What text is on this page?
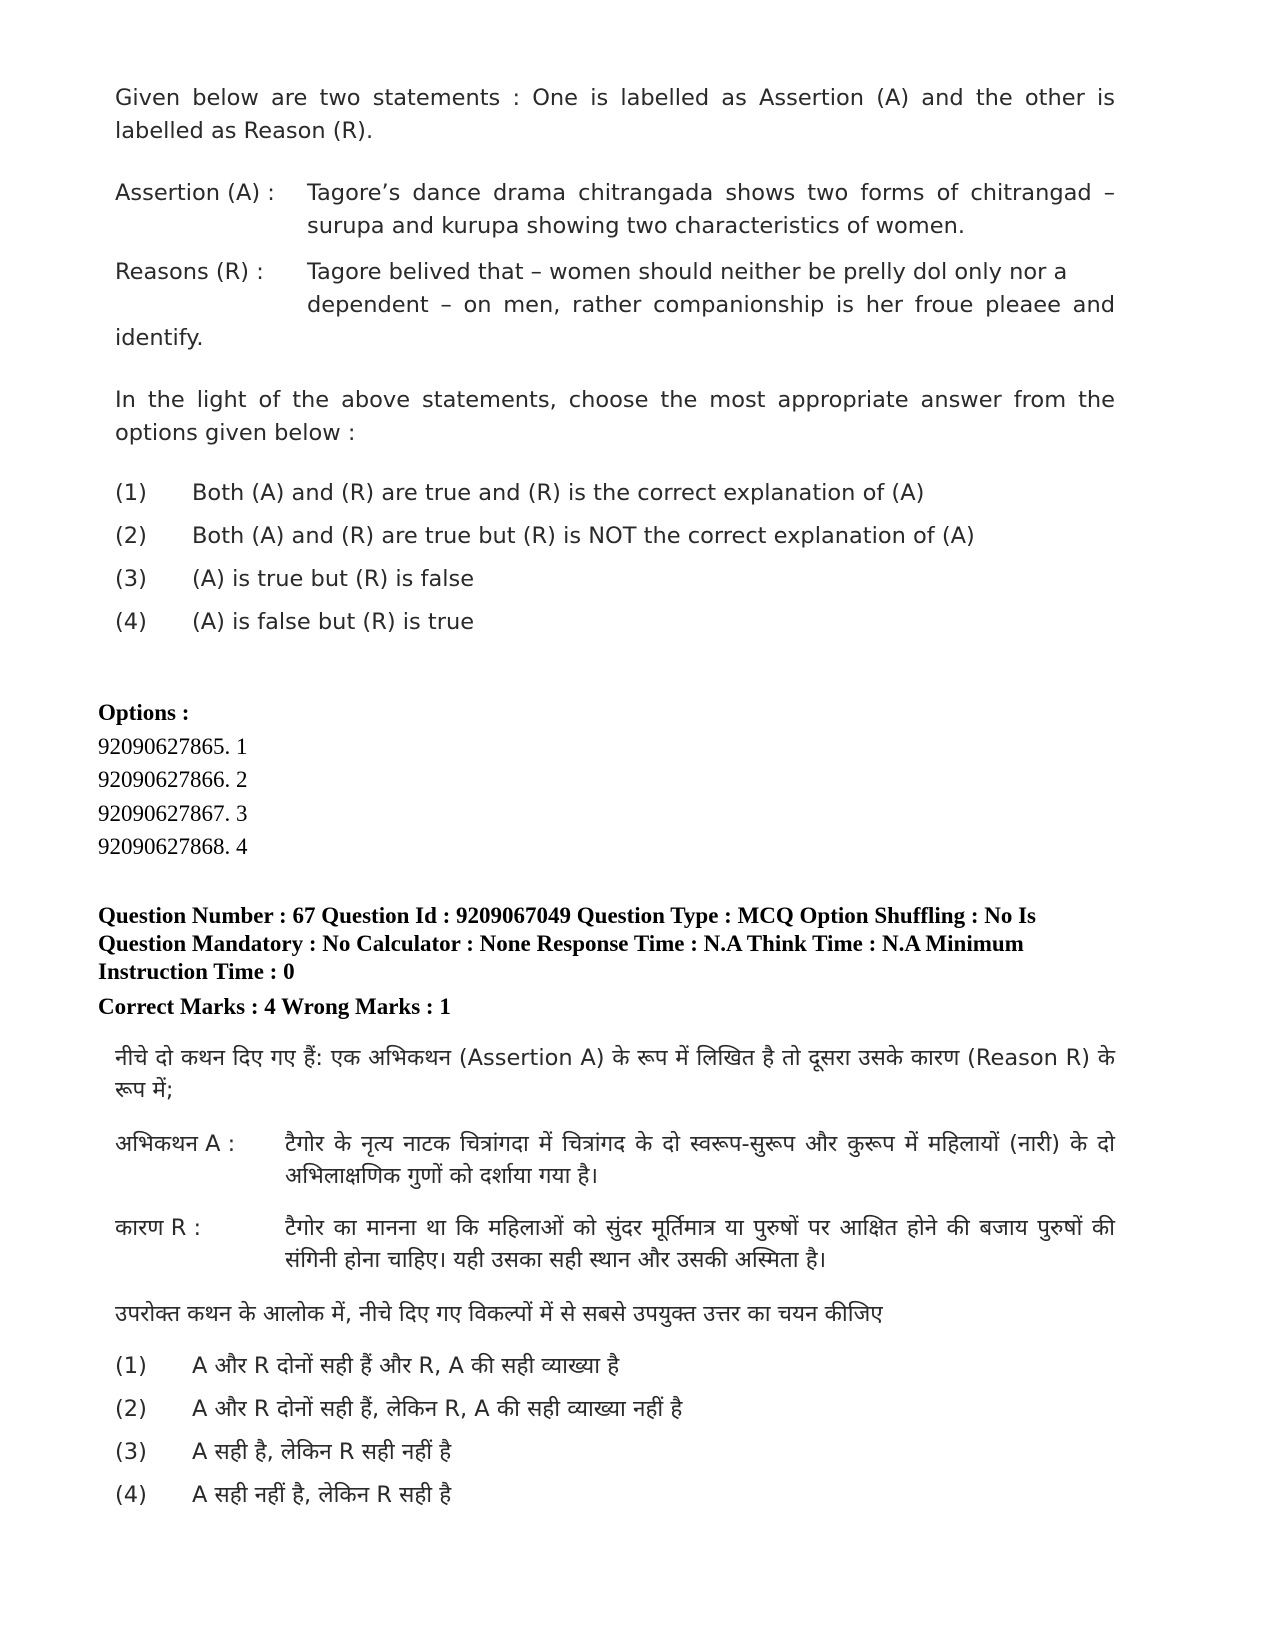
Given below are two statements : One is labelled as Assertion (A) and the other is labelled as Reason (R).

Assertion (A) :	Tagore’s dance drama chitrangada shows two forms of chitrangad – surupa and kurupa showing two characteristics of women.
Reasons (R) :	Tagore belived that – women should neither be prelly dol only nor a
dependent – on men, rather companionship is her froue pleaee and
identify.

In the light of the above statements, choose the most appropriate answer from the options given below :

(1)	Both (A) and (R) are true and (R) is the correct explanation of (A)
(2)	Both (A) and (R) are true but (R) is NOT the correct explanation of (A)
(3)	(A) is true but (R) is false
(4)	(A) is false but (R) is true
Options :
92090627865. 1
92090627866. 2
92090627867. 3
92090627868. 4
Question Number : 67 Question Id : 9209067049 Question Type : MCQ Option Shuffling : No Is Question Mandatory : No Calculator : None Response Time : N.A Think Time : N.A Minimum Instruction Time : 0
Correct Marks : 4 Wrong Marks : 1

नीचे दो कथन दिए गए हैं: एक अभिकथन (Assertion A) के रूप में लिखित है तो दूसरा उसके कारण (Reason R) के रूप में;

अभिकथन A :	टैगोर के नृत्य नाटक चित्रांगदा में चित्रांगद के दो स्वरूप-सुरूप और कुरूप में महिलायों (नारी) के दो अभिलाक्षणिक गुणों को दर्शाया गया है।
कारण R :	टैगोर का मानना था कि महिलाओं को सुंदर मूर्तिमात्र या पुरुषों पर आक्षित होने की बजाय पुरुषों की संगिनी होना चाहिए। यही उसका सही स्थान और उसकी अस्मिता है।

उपरोक्त कथन के आलोक में, नीचे दिए गए विकल्पों में से सबसे उपयुक्त उत्तर का चयन कीजिए

(1)	A और R दोनों सही हैं और R, A की सही व्याख्या है
(2)	A और R दोनों सही हैं, लेकिन R, A की सही व्याख्या नहीं है
(3)	A सही है, लेकिन R सही नहीं है
(4)	A सही नहीं है, लेकिन R सही है
